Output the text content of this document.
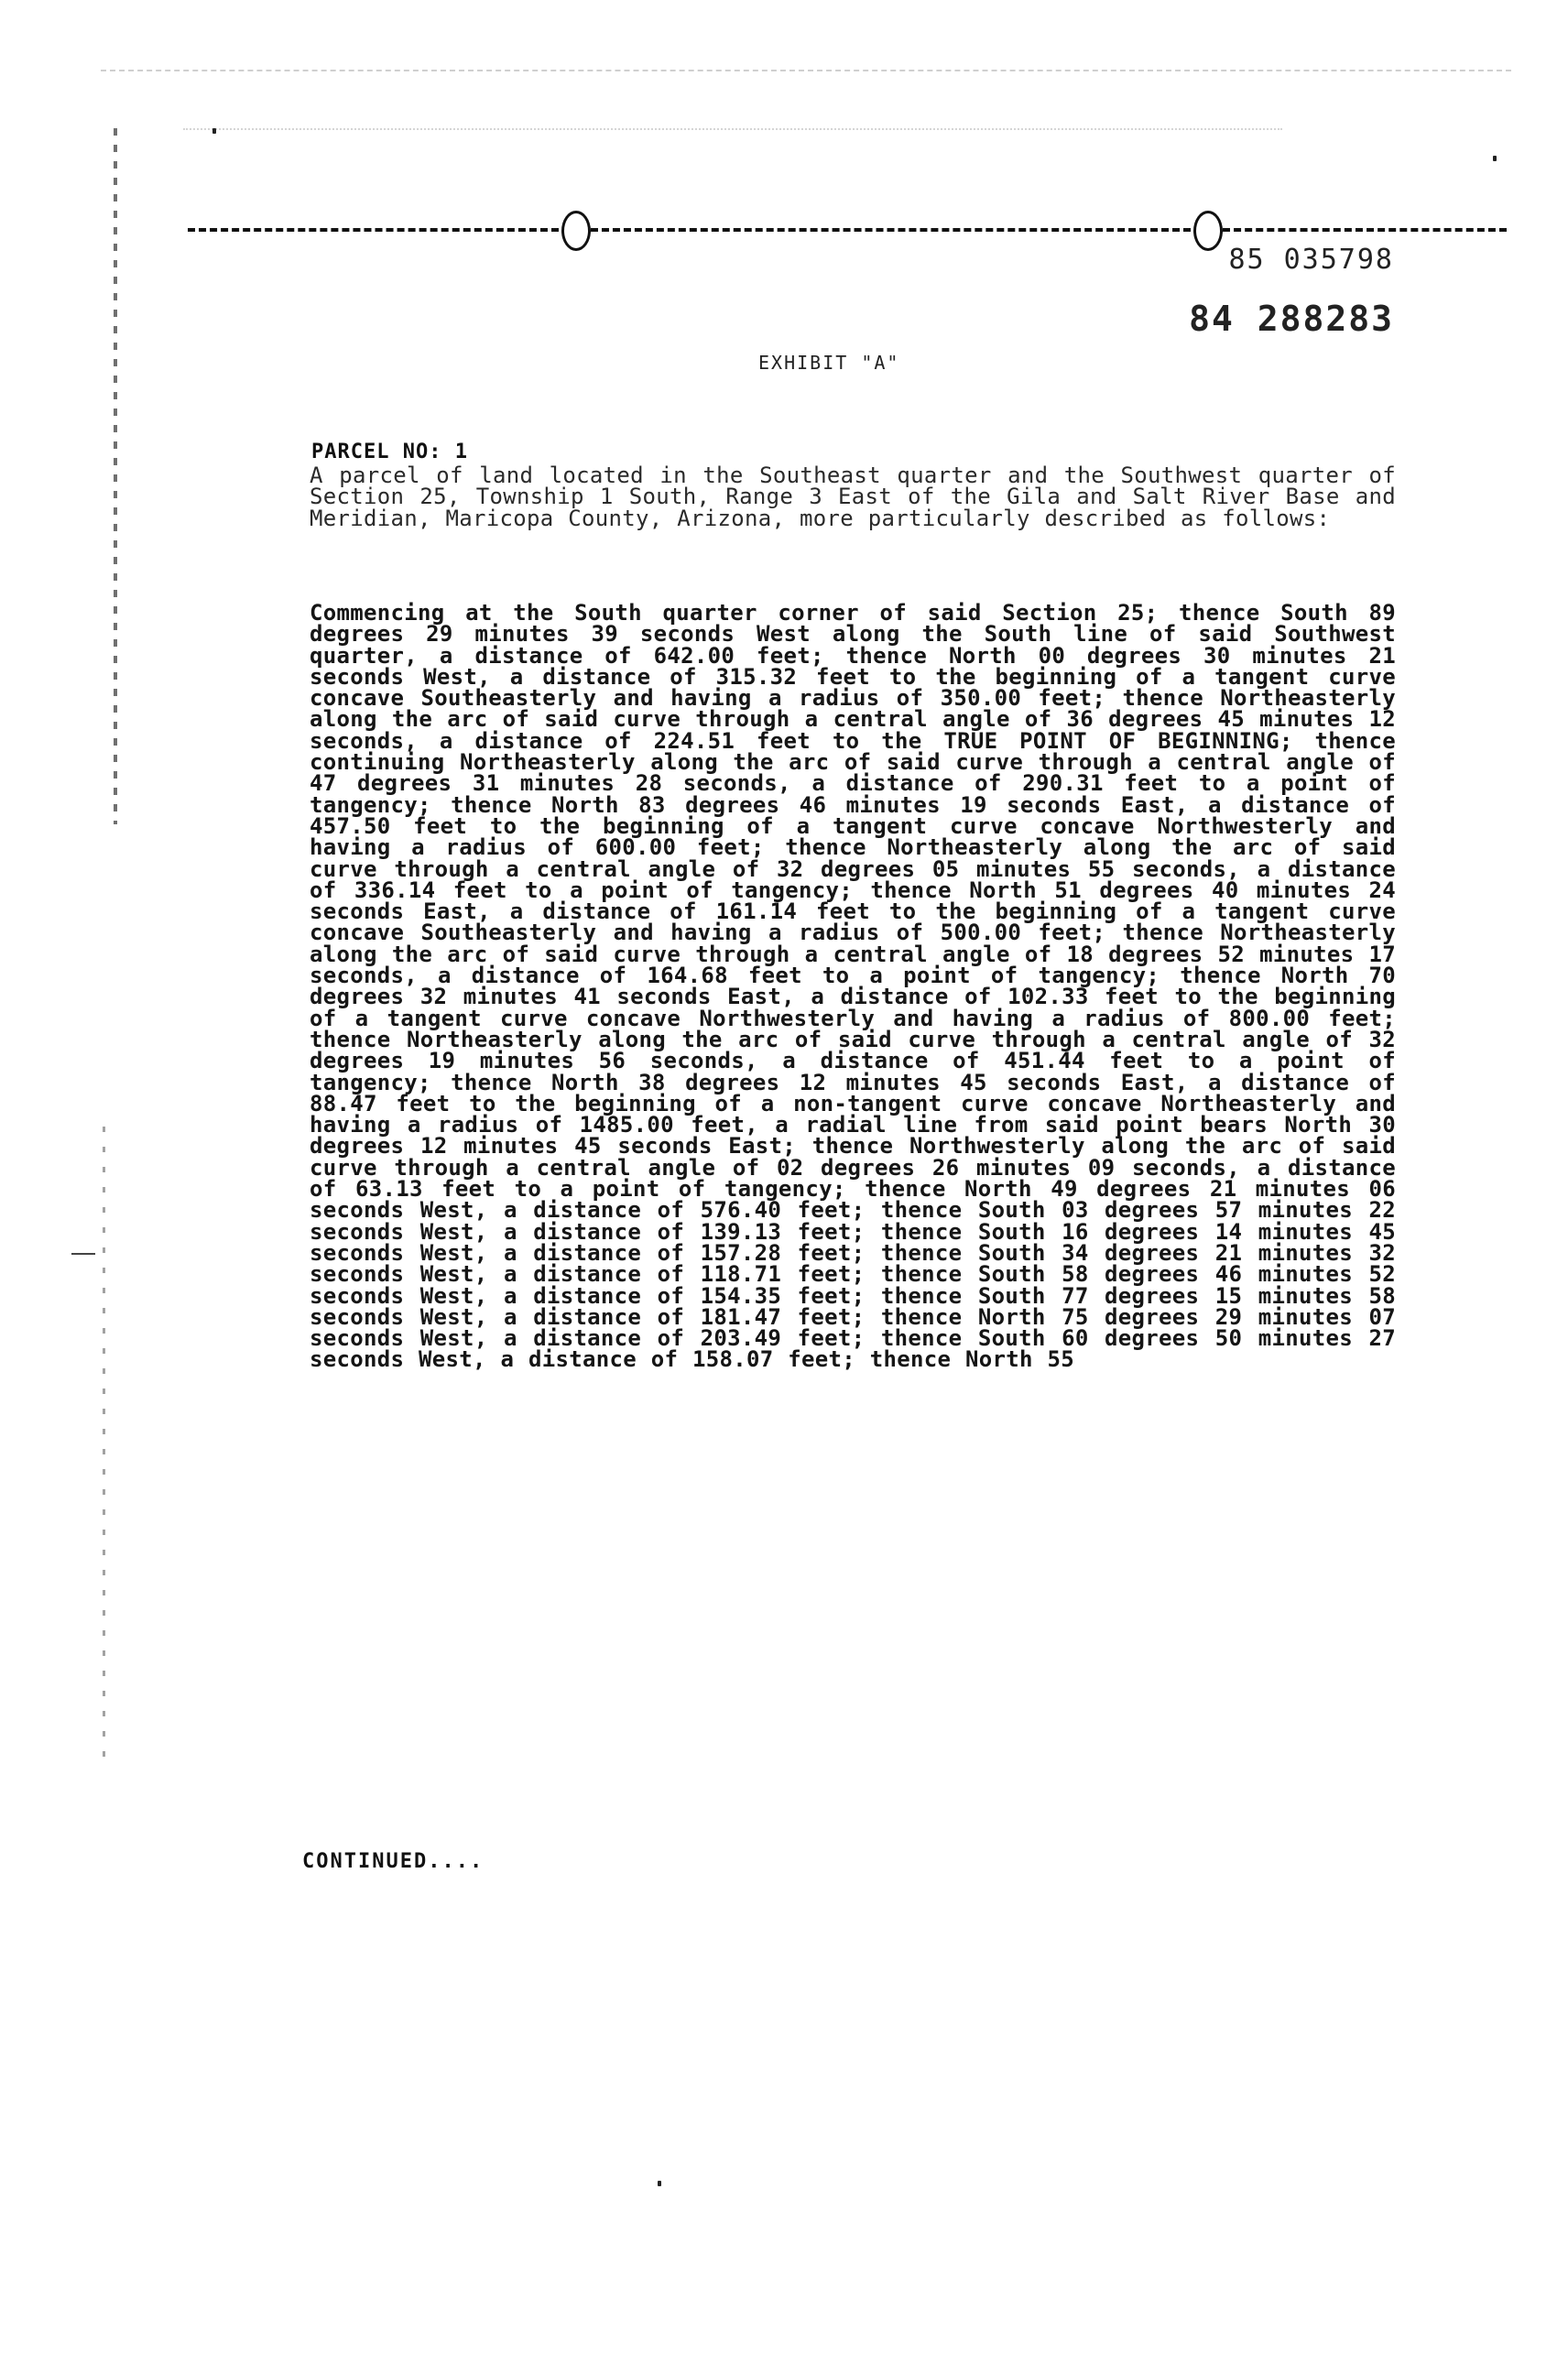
85 035798
84 288283
EXHIBIT "A"
PARCEL NO: 1
A parcel of land located in the Southeast quarter and the Southwest quarter of Section 25, Township 1 South, Range 3 East of the Gila and Salt River Base and Meridian, Maricopa County, Arizona, more particularly described as follows:
Commencing at the South quarter corner of said Section 25; thence South 89 degrees 29 minutes 39 seconds West along the South line of said Southwest quarter, a distance of 642.00 feet; thence North 00 degrees 30 minutes 21 seconds West, a distance of 315.32 feet to the beginning of a tangent curve concave Southeasterly and having a radius of 350.00 feet; thence Northeasterly along the arc of said curve through a central angle of 36 degrees 45 minutes 12 seconds, a distance of 224.51 feet to the TRUE POINT OF BEGINNING; thence continuing Northeasterly along the arc of said curve through a central angle of 47 degrees 31 minutes 28 seconds, a distance of 290.31 feet to a point of tangency; thence North 83 degrees 46 minutes 19 seconds East, a distance of 457.50 feet to the beginning of a tangent curve concave Northwesterly and having a radius of 600.00 feet; thence Northeasterly along the arc of said curve through a central angle of 32 degrees 05 minutes 55 seconds, a distance of 336.14 feet to a point of tangency; thence North 51 degrees 40 minutes 24 seconds East, a distance of 161.14 feet to the beginning of a tangent curve concave Southeasterly and having a radius of 500.00 feet; thence Northeasterly along the arc of said curve through a central angle of 18 degrees 52 minutes 17 seconds, a distance of 164.68 feet to a point of tangency; thence North 70 degrees 32 minutes 41 seconds East, a distance of 102.33 feet to the beginning of a tangent curve concave Northwesterly and having a radius of 800.00 feet; thence Northeasterly along the arc of said curve through a central angle of 32 degrees 19 minutes 56 seconds, a distance of 451.44 feet to a point of tangency; thence North 38 degrees 12 minutes 45 seconds East, a distance of 88.47 feet to the beginning of a non-tangent curve concave Northeasterly and having a radius of 1485.00 feet, a radial line from said point bears North 30 degrees 12 minutes 45 seconds East; thence Northwesterly along the arc of said curve through a central angle of 02 degrees 26 minutes 09 seconds, a distance of 63.13 feet to a point of tangency; thence North 49 degrees 21 minutes 06 seconds West, a distance of 576.40 feet; thence South 03 degrees 57 minutes 22 seconds West, a distance of 139.13 feet; thence South 16 degrees 14 minutes 45 seconds West, a distance of 157.28 feet; thence South 34 degrees 21 minutes 32 seconds West, a distance of 118.71 feet; thence South 58 degrees 46 minutes 52 seconds West, a distance of 154.35 feet; thence South 77 degrees 15 minutes 58 seconds West, a distance of 181.47 feet; thence North 75 degrees 29 minutes 07 seconds West, a distance of 203.49 feet; thence South 60 degrees 50 minutes 27 seconds West, a distance of 158.07 feet; thence North 55
CONTINUED....
